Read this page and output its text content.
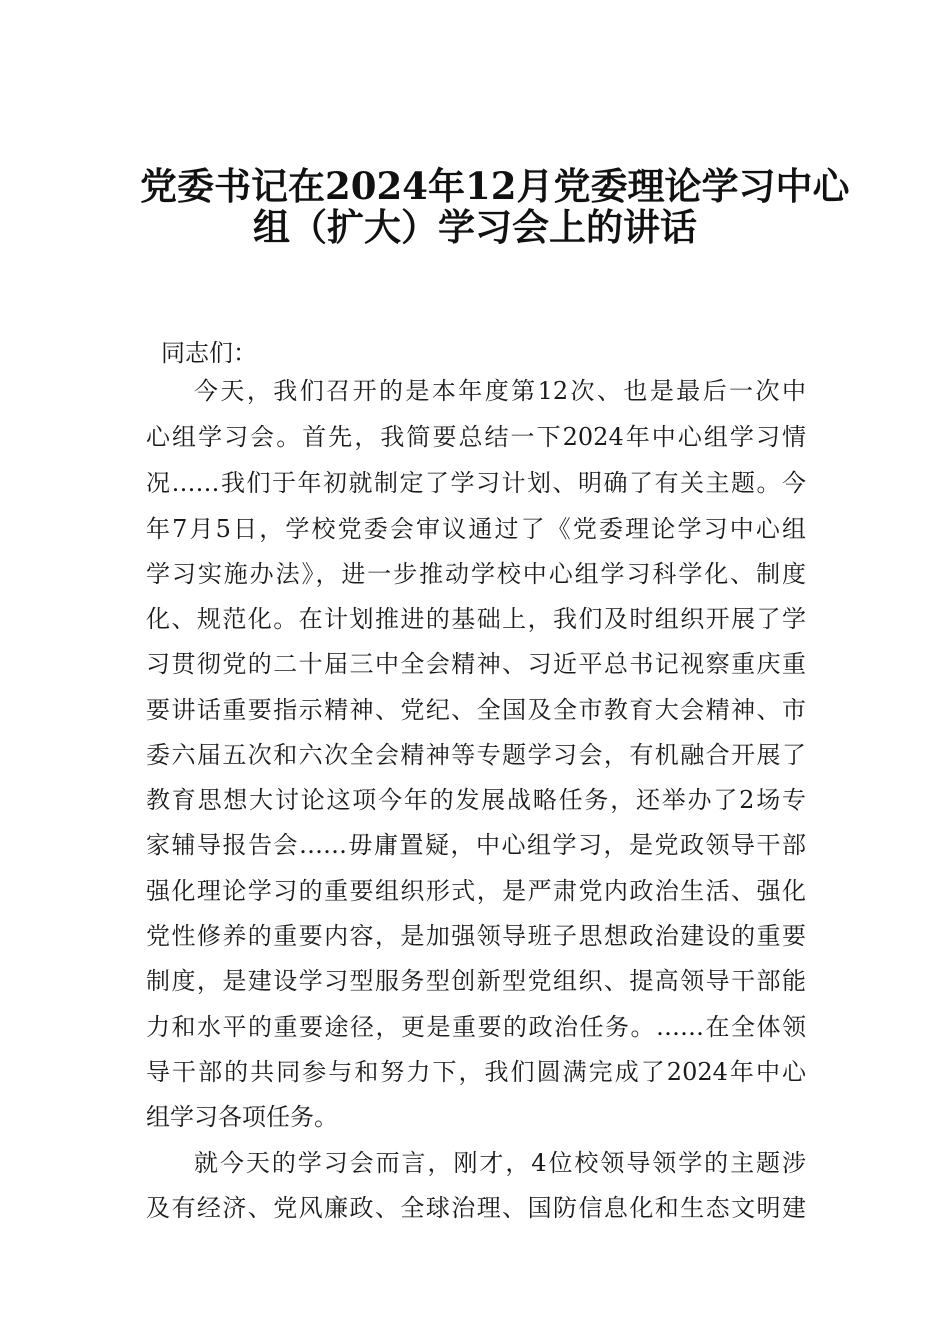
党委书记在2024年12月党委理论学习中心
组（扩大）学习会上的讲话
同志们：
今天，我们召开的是本年度第12次、也是最后一次中
心组学习会。首先，我简要总结一下2024年中心组学习情
况……我们于年初就制定了学习计划、明确了有关主题。今
年7月5日，学校党委会审议通过了《党委理论学习中心组
学习实施办法》，进一步推动学校中心组学习科学化、制度
化、规范化。在计划推进的基础上，我们及时组织开展了学
习贯彻党的二十届三中全会精神、习近平总书记视察重庆重
要讲话重要指示精神、党纪、全国及全市教育大会精神、市
委六届五次和六次全会精神等专题学习会，有机融合开展了
教育思想大讨论这项今年的发展战略任务，还举办了2场专
家辅导报告会……毋庸置疑，中心组学习，是党政领导干部
强化理论学习的重要组织形式，是严肃党内政治生活、强化
党性修养的重要内容，是加强领导班子思想政治建设的重要
制度，是建设学习型服务型创新型党组织、提高领导干部能
力和水平的重要途径，更是重要的政治任务。……在全体领
导干部的共同参与和努力下，我们圆满完成了2024年中心
组学习各项任务。
就今天的学习会而言，刚才，4位校领导领学的主题涉
及有经济、党风廉政、全球治理、国防信息化和生态文明建
